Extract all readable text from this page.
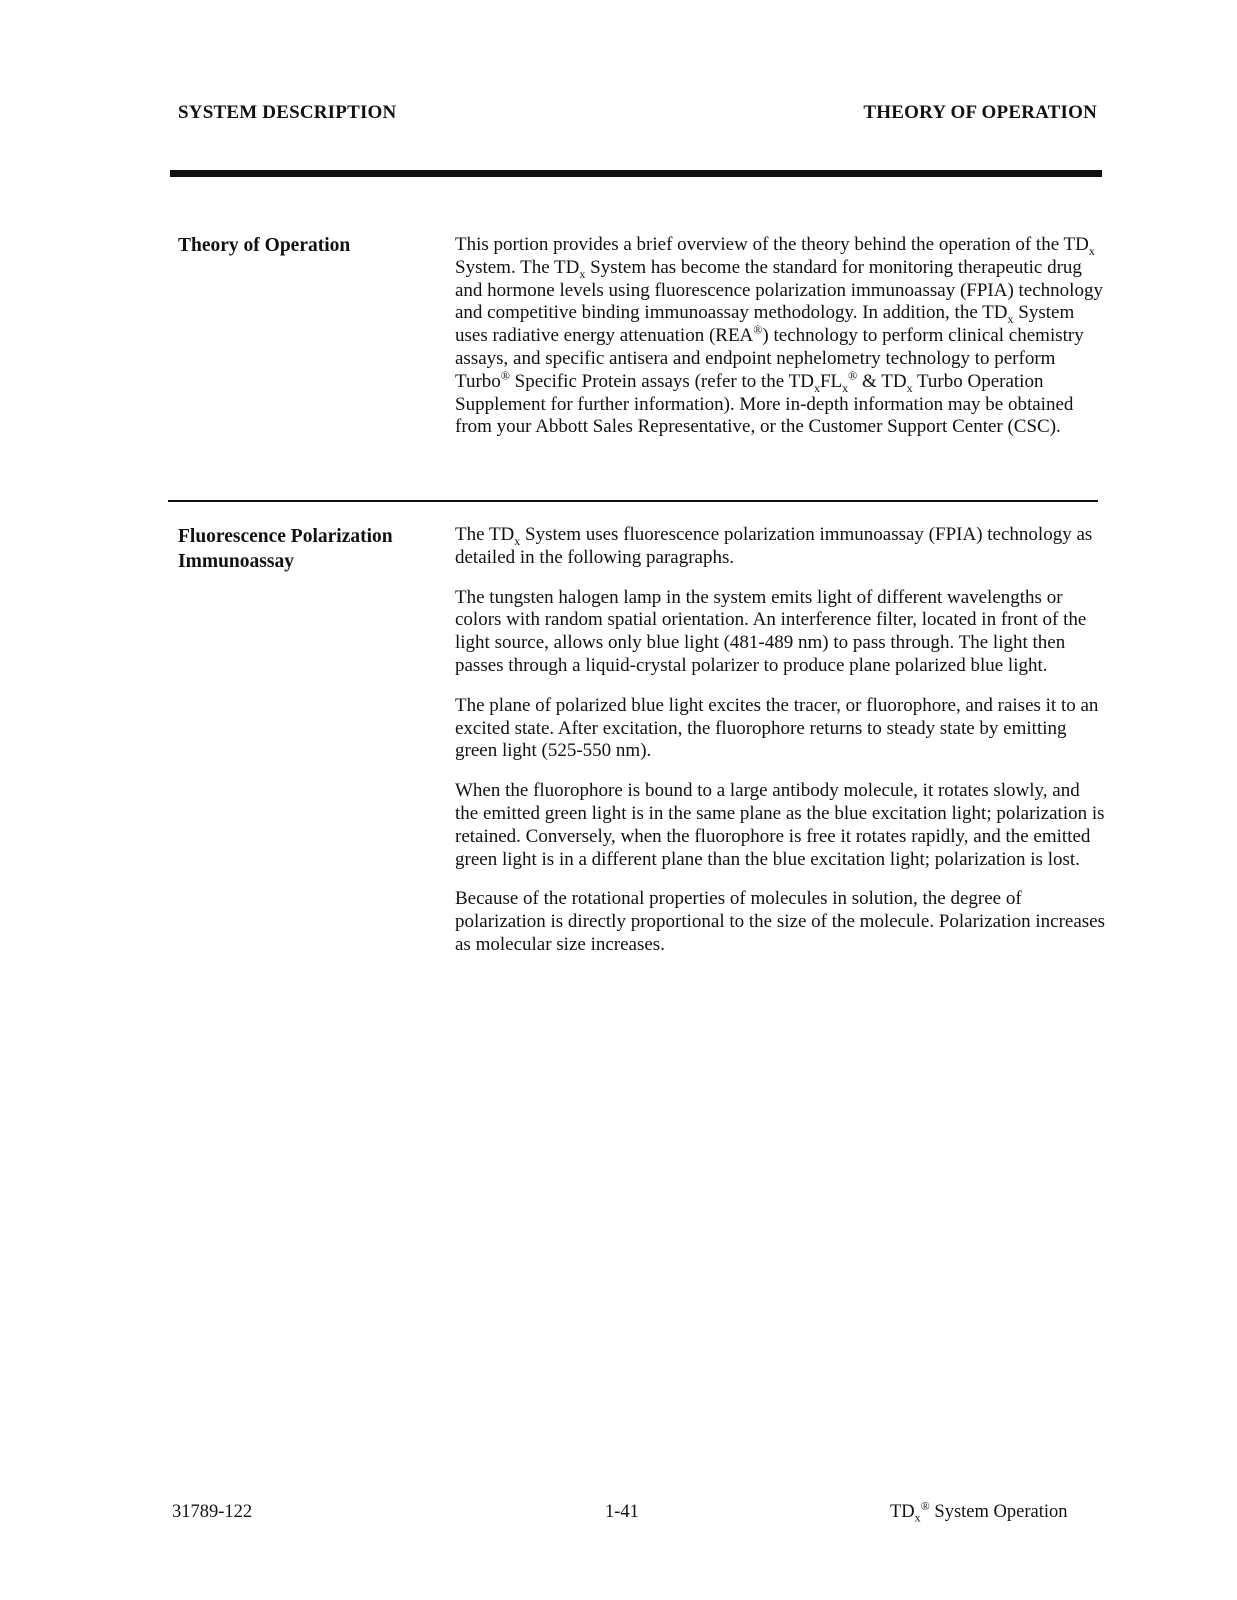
SYSTEM DESCRIPTION	THEORY OF OPERATION
Theory of Operation	This portion provides a brief overview of the theory behind the operation of the $TD_x$ System. The $TD_x$ System has become the standard for monitoring therapeutic drug and hormone levels using fluorescence polarization immunoassay (FPIA) technology and competitive binding immunoassay methodology. In addition, the $TD_x$ System uses radiative energy attenuation (REA®) technology to perform clinical chemistry assays, and specific antisera and endpoint nephelometry technology to perform Turbo® Specific Protein assays (refer to the $TD_xFL_x®$ & $TD_x$ Turbo Operation Supplement for further information). More in-depth information may be obtained from your Abbott Sales Representative, or the Customer Support Center (CSC).

Fluorescence Polarization Immunoassay

The $TD_x$ System uses fluorescence polarization immunoassay (FPIA) technology as detailed in the following paragraphs.

The tungsten halogen lamp in the system emits light of different wavelengths or colors with random spatial orientation. An interference filter, located in front of the light source, allows only blue light (481-489 nm) to pass through. The light then passes through a liquid-crystal polarizer to produce plane polarized blue light.

The plane of polarized blue light excites the tracer, or fluorophore, and raises it to an excited state. After excitation, the fluorophore returns to steady state by emitting green light (525-550 nm).

When the fluorophore is bound to a large antibody molecule, it rotates slowly, and the emitted green light is in the same plane as the blue excitation light; polarization is retained. Conversely, when the fluorophore is free it rotates rapidly, and the emitted green light is in a different plane than the blue excitation light; polarization is lost.

Because of the rotational properties of molecules in solution, the degree of polarization is directly proportional to the size of the molecule. Polarization increases as molecular size increases.

31789-122	1-41	$TD_x®$ System Operation
